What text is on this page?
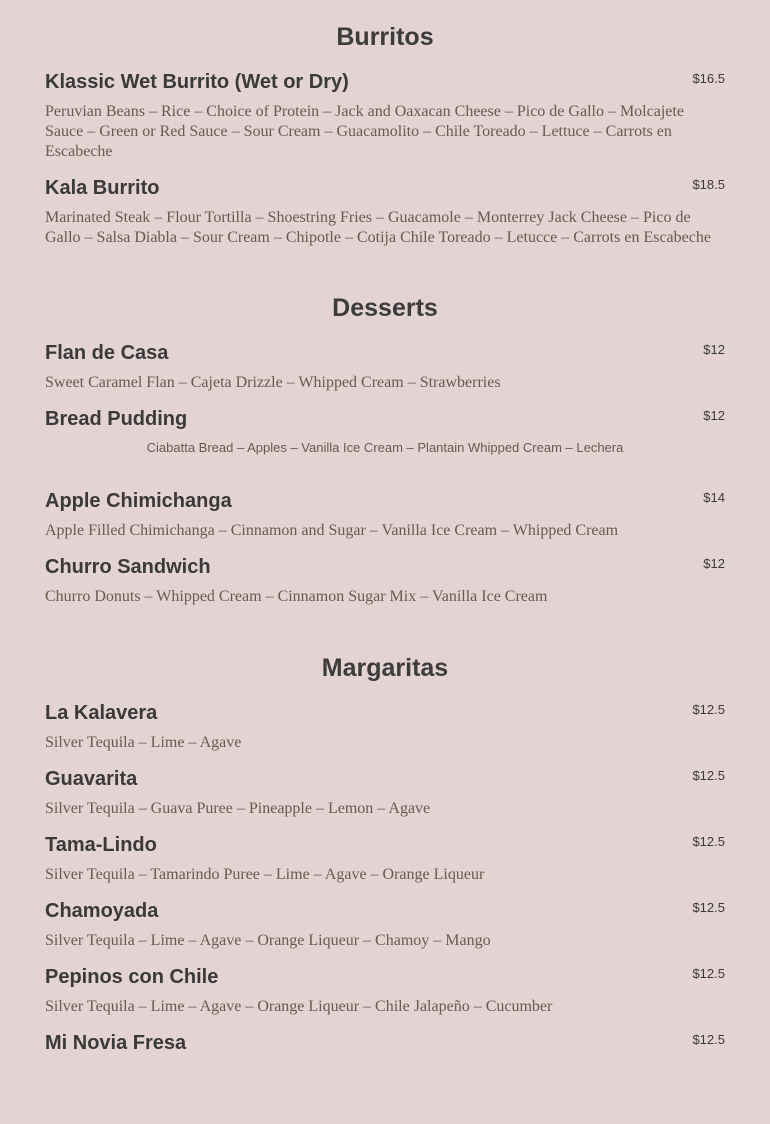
Burritos
Klassic Wet Burrito (Wet or Dry)	$16.5

Peruvian Beans – Rice – Choice of Protein – Jack and Oaxacan Cheese – Pico de Gallo – Molcajete Sauce – Green or Red Sauce – Sour Cream – Guacamolito – Chile Toreado – Lettuce – Carrots en Escabeche

Kala Burrito	$18.5

Marinated Steak – Flour Tortilla – Shoestring Fries – Guacamole – Monterrey Jack Cheese – Pico de Gallo – Salsa Diabla – Sour Cream – Chipotle – Cotija Chile Toreado – Letucce – Carrots en Escabeche

Desserts
Flan de Casa	$12

Sweet Caramel Flan – Cajeta Drizzle – Whipped Cream – Strawberries

Bread Pudding	$12

Ciabatta Bread – Apples – Vanilla Ice Cream – Plantain Whipped Cream – Lechera

Apple Chimichanga	$14

Apple Filled Chimichanga – Cinnamon and Sugar – Vanilla Ice Cream – Whipped Cream

Churro Sandwich	$12

Churro Donuts – Whipped Cream – Cinnamon Sugar Mix – Vanilla Ice Cream

Margaritas
La Kalavera	$12.5

Silver Tequila – Lime – Agave

Guavarita	$12.5

Silver Tequila – Guava Puree – Pineapple – Lemon – Agave

Tama-Lindo	$12.5

Silver Tequila – Tamarindo Puree – Lime – Agave – Orange Liqueur

Chamoyada	$12.5

Silver Tequila – Lime – Agave – Orange Liqueur – Chamoy – Mango

Pepinos con Chile	$12.5

Silver Tequila – Lime – Agave – Orange Liqueur – Chile Jalapeño – Cucumber

Mi Novia Fresa	$12.5
